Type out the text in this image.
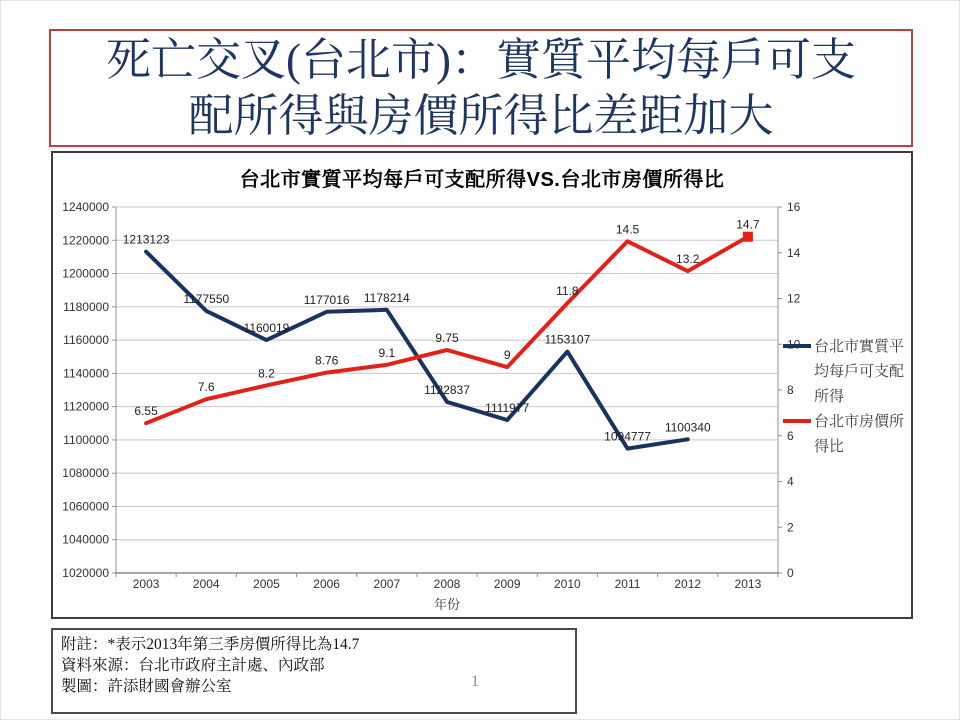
死亡交叉(台北市)：實質平均每戶可支
配所得與房價所得比差距加大
1020000
1040000
1060000
1080000
1100000
1120000
1140000
1160000
1180000
1200000
1220000
1240000
0
2
4
6
8
10
12
14
16
2003	2004	2005	2006	2007	2008	2009	2010	2011	2012	2013
年份
1213123
1177550
1160019
1177016 1178214
1122837
1111977
1153107
1094777
1100340
6.55
7.6
8.2
8.76
9.1
9.75
9
11.8
14.5
13.2
14.7
台北市實質平均每戶可支配所得VS.台北市房價所得比
台北市實質平均每戶可支配所得
台北市房價所得比
附註：*表示2013年第三季房價所得比為14.7
資料來源：台北市政府主計處、內政部
製圖：許添財國會辦公室	1
